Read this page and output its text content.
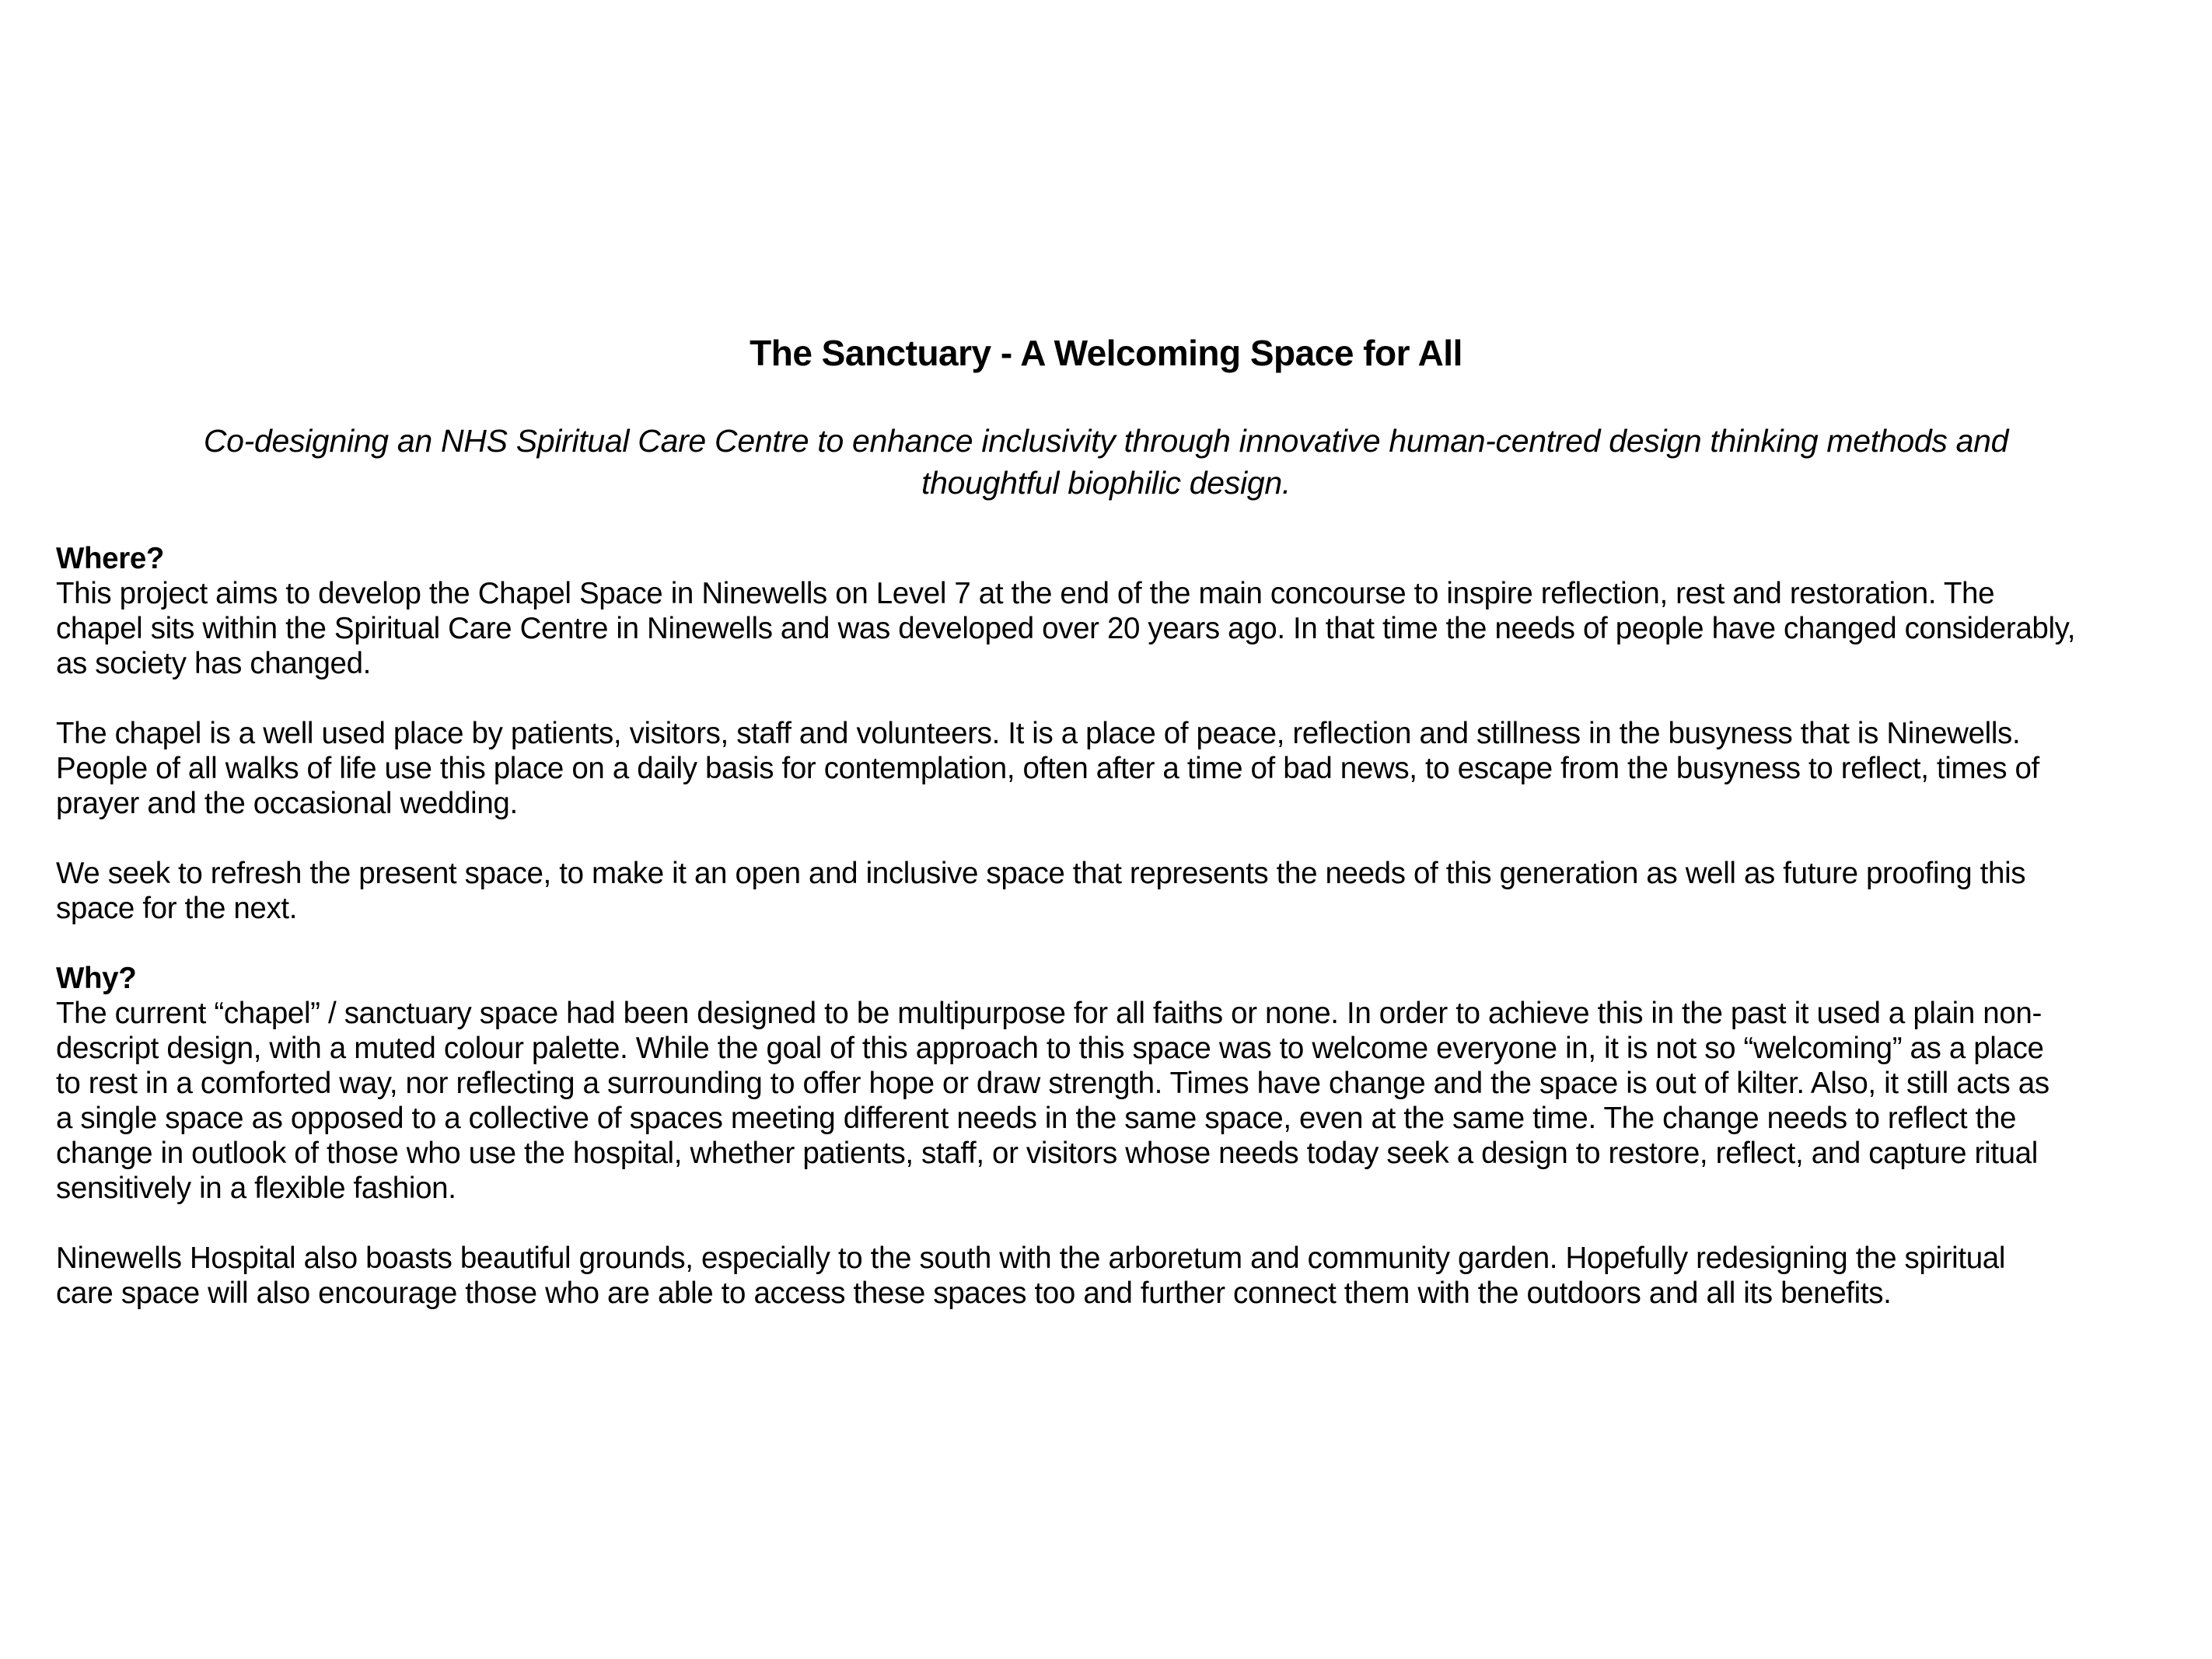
The Sanctuary - A Welcoming Space for All
Co-designing an NHS Spiritual Care Centre to enhance inclusivity through innovative human-centred design thinking methods and
thoughtful biophilic design.
Where?

This project aims to develop the Chapel Space in Ninewells on Level 7 at the end of the main concourse to inspire reflection, rest and restoration. The
chapel sits within the Spiritual Care Centre in Ninewells and was developed over 20 years ago. In that time the needs of people have changed considerably,
as society has changed.

The chapel is a well used place by patients, visitors, staff and volunteers. It is a place of peace, reflection and stillness in the busyness that is Ninewells.
People of all walks of life use this place on a daily basis for contemplation, often after a time of bad news, to escape from the busyness to reflect, times of
prayer and the occasional wedding.

We seek to refresh the present space, to make it an open and inclusive space that represents the needs of this generation as well as future proofing this
space for the next.

Why?

The current “chapel” / sanctuary space had been designed to be multipurpose for all faiths or none. In order to achieve this in the past it used a plain non-
descript design, with a muted colour palette. While the goal of this approach to this space was to welcome everyone in, it is not so “welcoming” as a place
to rest in a comforted way, nor reflecting a surrounding to offer hope or draw strength. Times have change and the space is out of kilter. Also, it still acts as
a single space as opposed to a collective of spaces meeting different needs in the same space, even at the same time. The change needs to reflect the
change in outlook of those who use the hospital, whether patients, staff, or visitors whose needs today seek a design to restore, reflect, and capture ritual
sensitively in a flexible fashion.

Ninewells Hospital also boasts beautiful grounds, especially to the south with the arboretum and community garden. Hopefully redesigning the spiritual
care space will also encourage those who are able to access these spaces too and further connect them with the outdoors and all its benefits.
